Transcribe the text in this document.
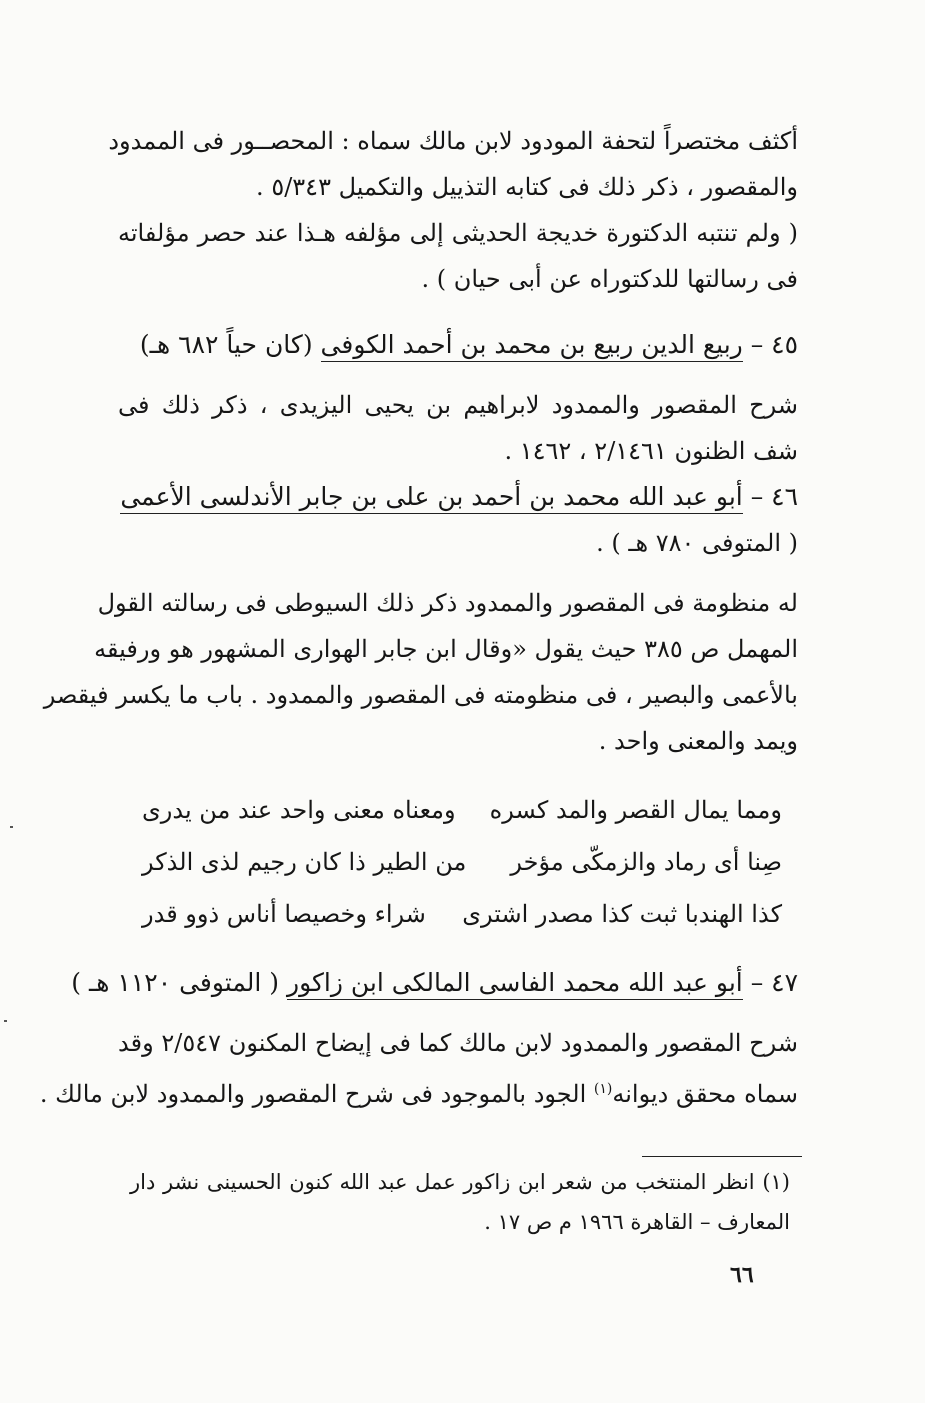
أكثف مختصراً لتحفة المودود لابن مالك سماه : المحصــور فى الممدود
والمقصور ، ذكر ذلك فى كتابه التذييل والتكميل ٥/٣٤٣ .
( ولم تنتبه الدكتورة خديجة الحديثى إلى مؤلفه هـذا عند حصر مؤلفاته
فى رسالتها للدكتوراه عن أبى حيان ) .
٤٥ – ربيع الدين ربيع بن محمد بن أحمد الكوفى (كان حياً ٦٨٢ هـ)
شرح المقصور والممدود لابراهيم بن يحيى اليزيدى ، ذكر ذلك فى
شف الظنون ٢/١٤٦١ ، ١٤٦٢ .
٤٦ – أبو عبد الله محمد بن أحمد بن على بن جابر الأندلسى الأعمى
( المتوفى ٧٨٠ هـ ) .
له منظومة فى المقصور والممدود ذكر ذلك السيوطى فى رسالته القول
المهمل ص ٣٨٥ حيث يقول «وقال ابن جابر الهوارى المشهور هو ورفيقه
بالأعمى والبصير ، فى منظومته فى المقصور والممدود . باب ما يكسر فيقصر
ويمد والمعنى واحد .
ومما يمال القصر والمد كسره
ومعناه معنى واحد عند من يدرى
صِنا أى رماد والزمكّى مؤخر
من الطير ذا كان رجيم لذى الذكر
كذا الهندبا ثبت كذا مصدر اشترى
شراء وخصيصا أناس ذوو قدر
٤٧ – أبو عبد الله محمد الفاسى المالكى ابن زاكور ( المتوفى ١١٢٠ هـ )
شرح المقصور والممدود لابن مالك كما فى إيضاح المكنون ٢/٥٤٧ وقد
سماه محقق ديوانه$^{(١)}$ الجود بالموجود فى شرح المقصور والممدود لابن مالك .
(١) انظر المنتخب من شعر ابن زاكور عمل عبد الله كنون الحسينى نشر دار
المعارف – القاهرة ١٩٦٦ م ص ١٧ .
٦٦
